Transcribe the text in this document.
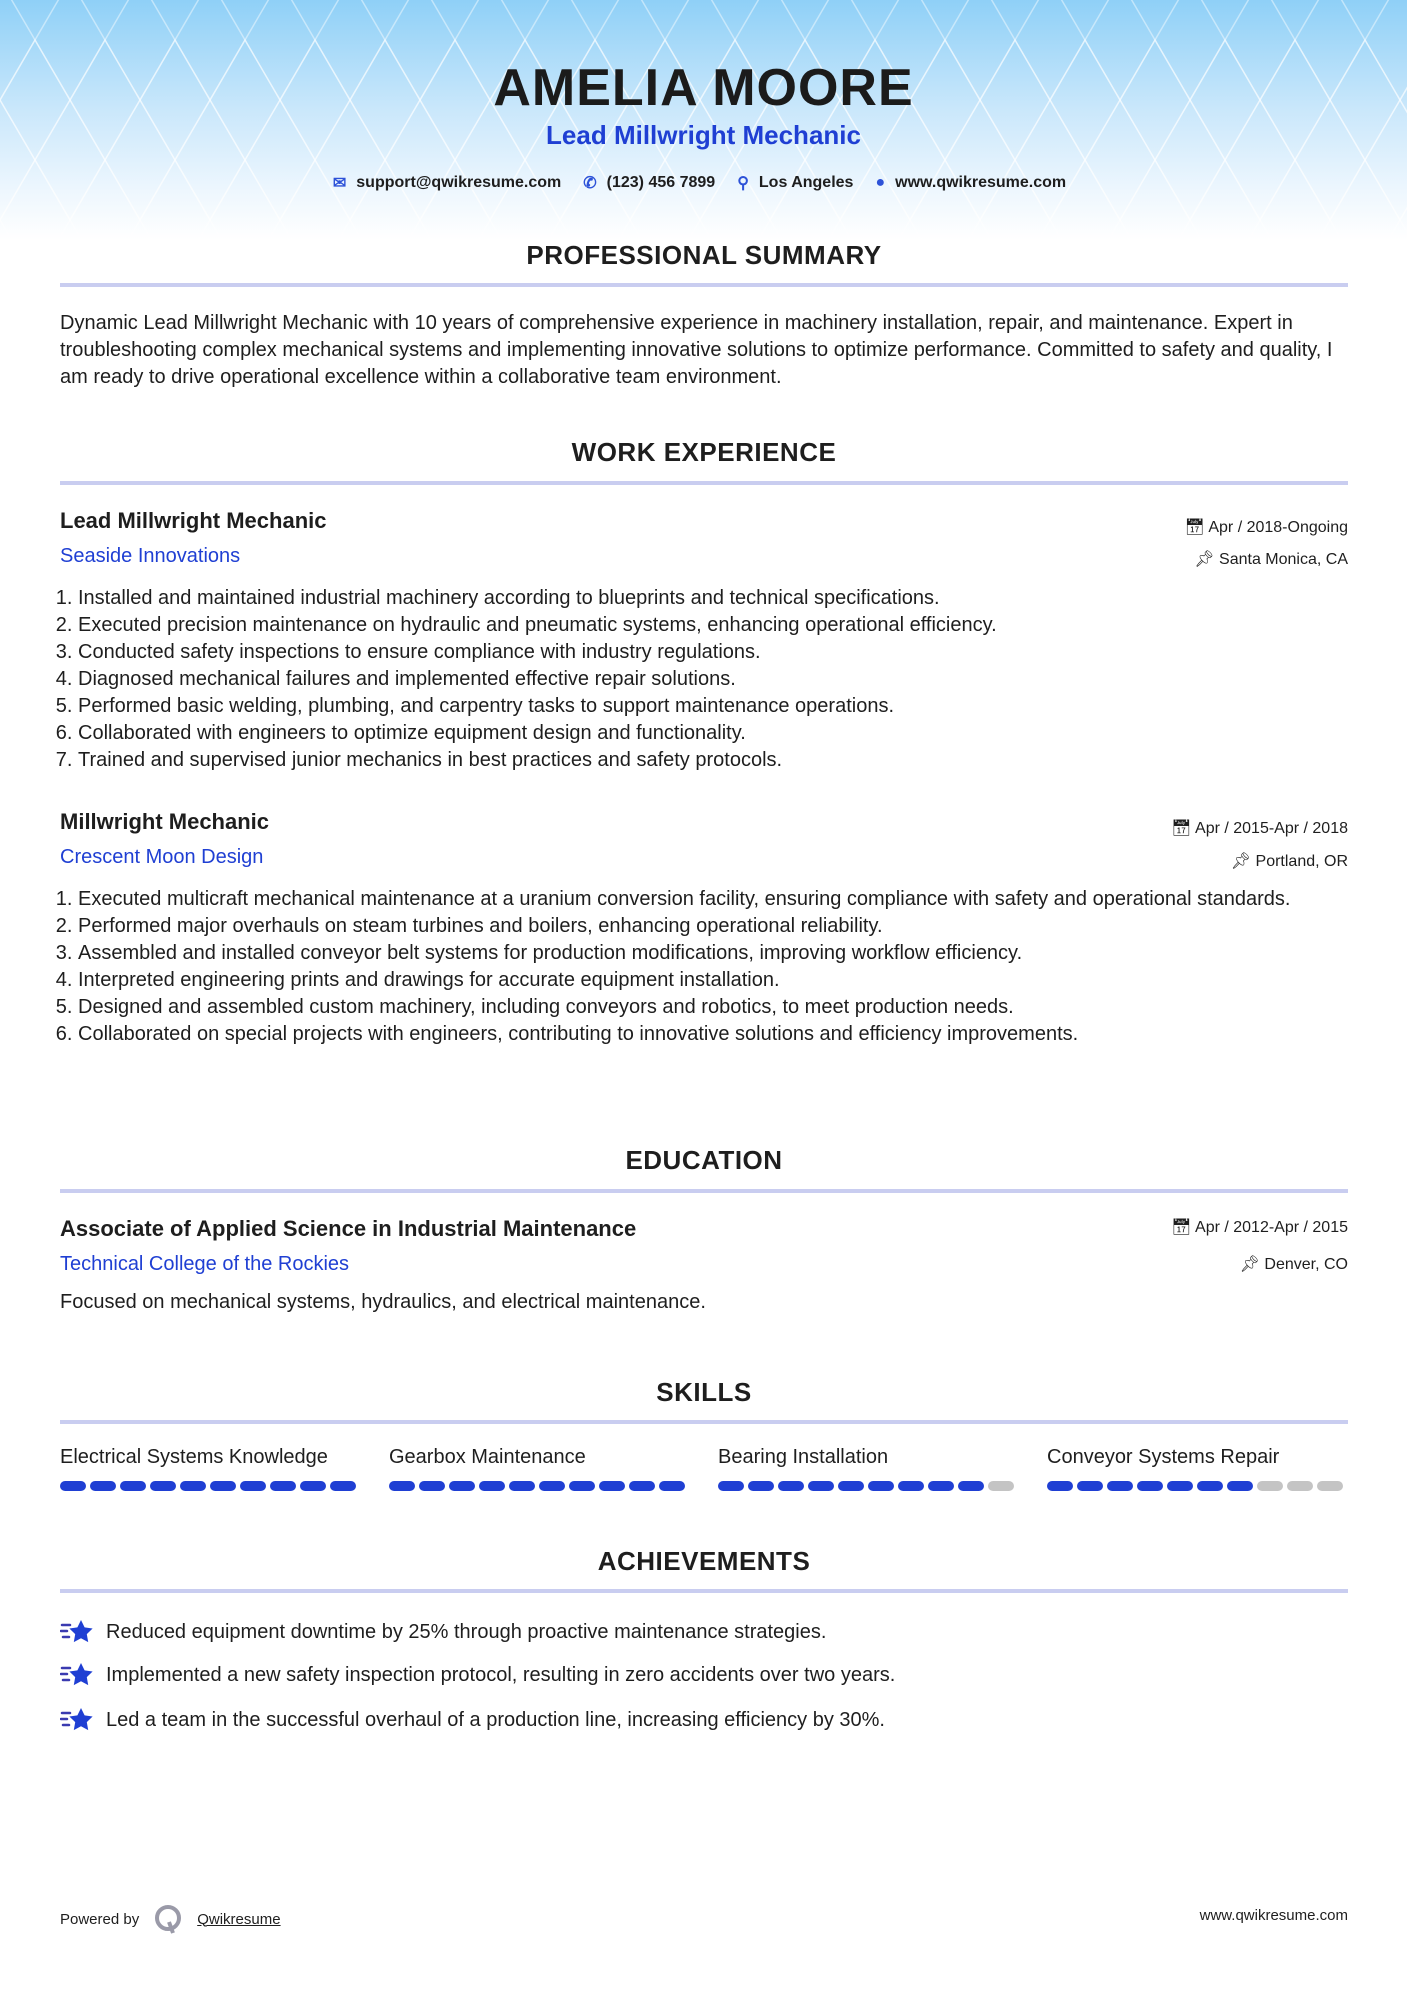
AMELIA MOORE
Lead Millwright Mechanic
✉ support@qwikresume.com ✆ (123) 456 7899 ⚲ Los Angeles ● www.qwikresume.com
PROFESSIONAL SUMMARY
Dynamic Lead Millwright Mechanic with 10 years of comprehensive experience in machinery installation, repair, and maintenance. Expert in troubleshooting complex mechanical systems and implementing innovative solutions to optimize performance. Committed to safety and quality, I am ready to drive operational excellence within a collaborative team environment.
WORK EXPERIENCE
Lead Millwright Mechanic
Seaside Innovations
📅︎ Apr / 2018-Ongoing
📌︎ Santa Monica, CA
1. Installed and maintained industrial machinery according to blueprints and technical specifications.
2. Executed precision maintenance on hydraulic and pneumatic systems, enhancing operational efficiency.
3. Conducted safety inspections to ensure compliance with industry regulations.
4. Diagnosed mechanical failures and implemented effective repair solutions.
5. Performed basic welding, plumbing, and carpentry tasks to support maintenance operations.
6. Collaborated with engineers to optimize equipment design and functionality.
7. Trained and supervised junior mechanics in best practices and safety protocols.
Millwright Mechanic
Crescent Moon Design
📅︎ Apr / 2015-Apr / 2018
📌︎ Portland, OR
1. Executed multicraft mechanical maintenance at a uranium conversion facility, ensuring compliance with safety and operational standards.
2. Performed major overhauls on steam turbines and boilers, enhancing operational reliability.
3. Assembled and installed conveyor belt systems for production modifications, improving workflow efficiency.
4. Interpreted engineering prints and drawings for accurate equipment installation.
5. Designed and assembled custom machinery, including conveyors and robotics, to meet production needs.
6. Collaborated on special projects with engineers, contributing to innovative solutions and efficiency improvements.
EDUCATION
Associate of Applied Science in Industrial Maintenance
Technical College of the Rockies
📅︎ Apr / 2012-Apr / 2015
📌︎ Denver, CO
Focused on mechanical systems, hydraulics, and electrical maintenance.
SKILLS
Electrical Systems Knowledge	Gearbox Maintenance	Bearing Installation	Conveyor Systems Repair
ACHIEVEMENTS
Reduced equipment downtime by 25% through proactive maintenance strategies.
Implemented a new safety inspection protocol, resulting in zero accidents over two years.
Led a team in the successful overhaul of a production line, increasing efficiency by 30%.
Powered by	Qwikresume	www.qwikresume.com
